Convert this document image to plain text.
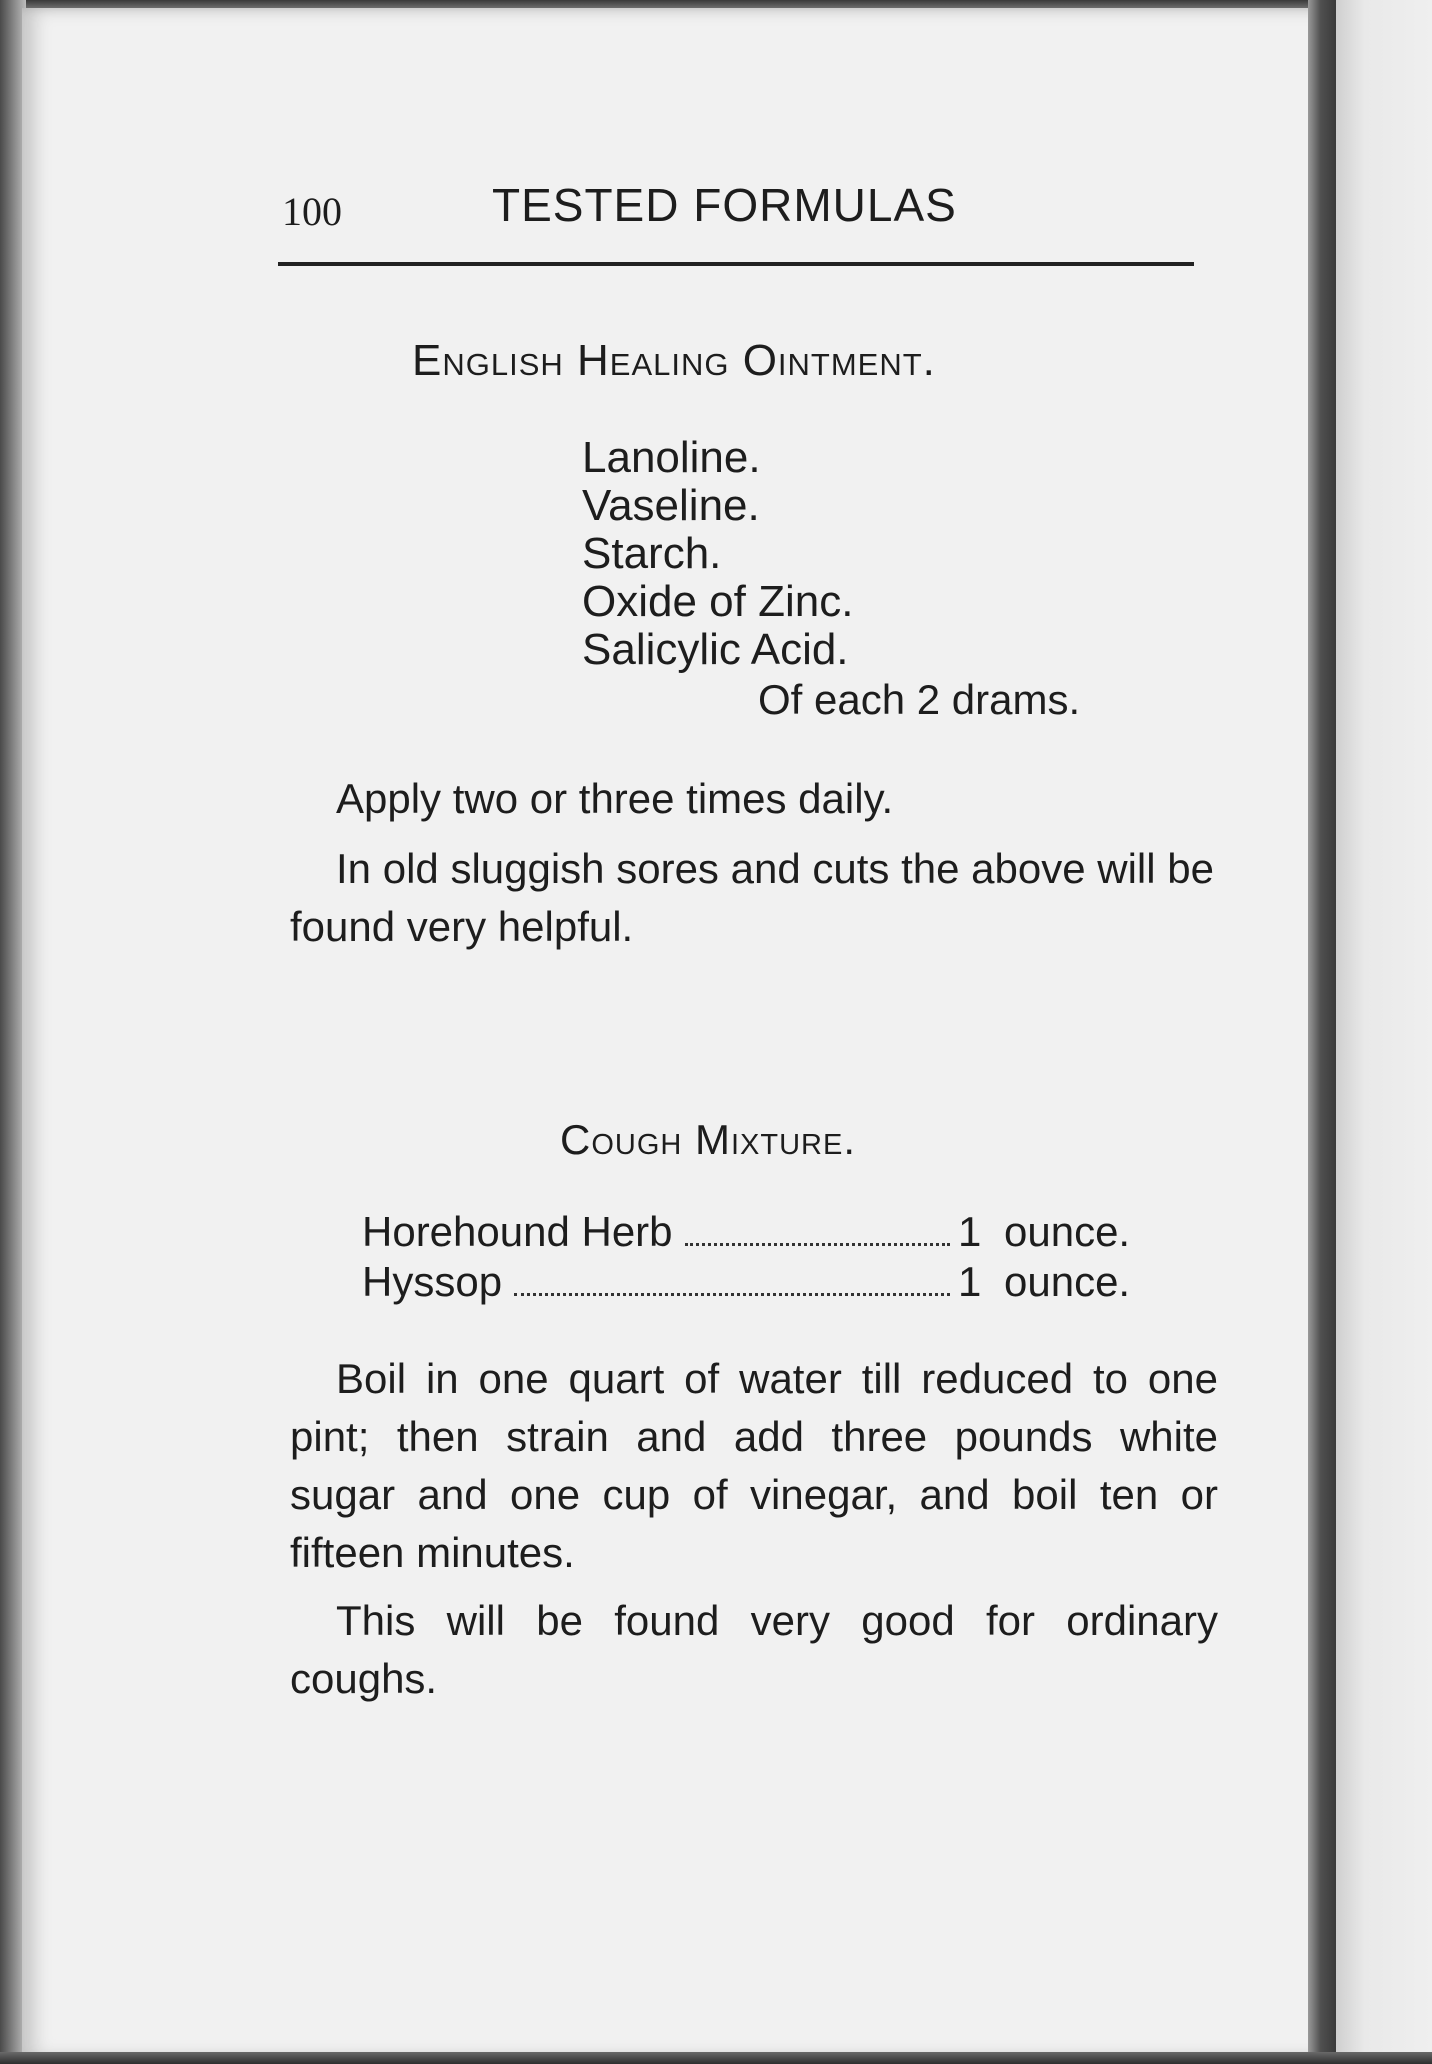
100	TESTED FORMULAS
English Healing Ointment.
Lanoline.
Vaseline.
Starch.
Oxide of Zinc.
Salicylic Acid.
Of each 2 drams.

Apply two or three times daily.

In old sluggish sores and cuts the above will be found very helpful.

Cough Mixture.
Horehound Herb	1 ounce.
Hyssop	1 ounce.

Boil in one quart of water till reduced to one pint; then strain and add three pounds white sugar and one cup of vinegar, and boil ten or fifteen minutes.

This will be found very good for ordinary coughs.
